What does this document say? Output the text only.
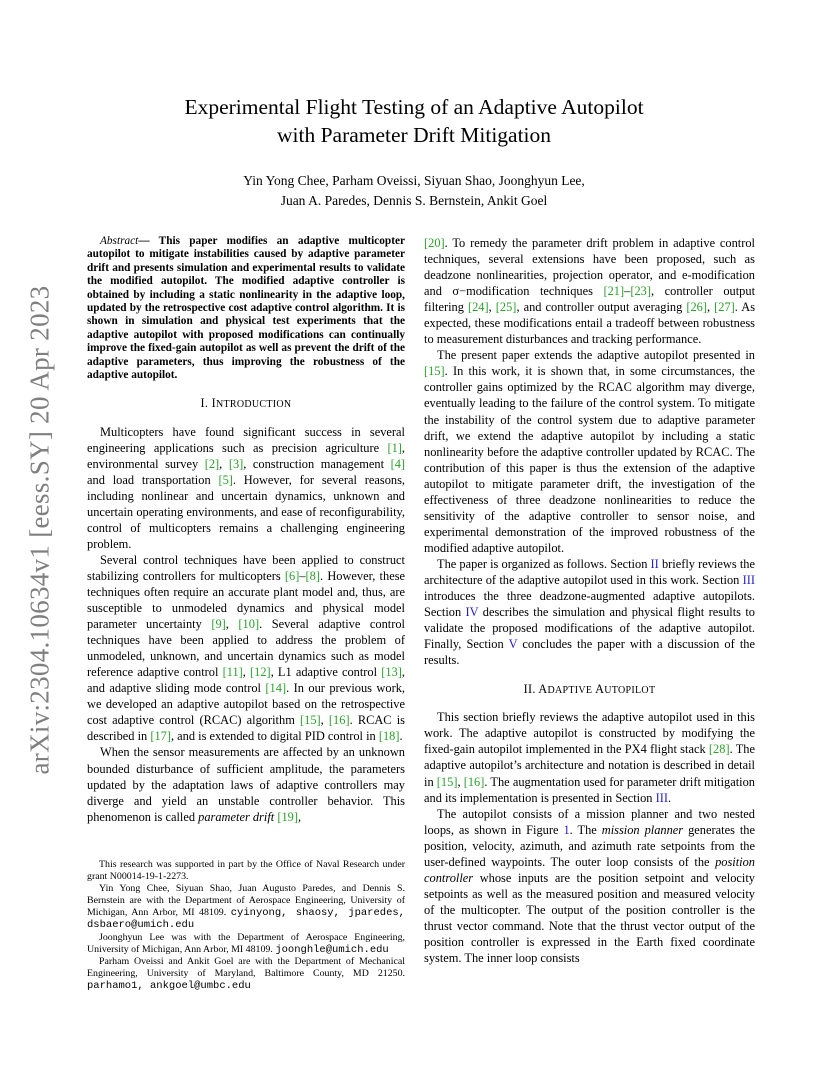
arXiv:2304.10634v1 [eess.SY] 20 Apr 2023
Experimental Flight Testing of an Adaptive Autopilot
with Parameter Drift Mitigation
Yin Yong Chee, Parham Oveissi, Siyuan Shao, Joonghyun Lee,
Juan A. Paredes, Dennis S. Bernstein, Ankit Goel

Abstract— This paper modifies an adaptive multicopter autopilot to mitigate instabilities caused by adaptive parameter drift and presents simulation and experimental results to validate the modified autopilot. The modified adaptive controller is obtained by including a static nonlinearity in the adaptive loop, updated by the retrospective cost adaptive control algorithm. It is shown in simulation and physical test experiments that the adaptive autopilot with proposed modifications can continually improve the fixed-gain autopilot as well as prevent the drift of the adaptive parameters, thus improving the robustness of the adaptive autopilot.

I. INTRODUCTION

Multicopters have found significant success in several engineering applications such as precision agriculture [1], environmental survey [2], [3], construction management [4] and load transportation [5]. However, for several reasons, including nonlinear and uncertain dynamics, unknown and uncertain operating environments, and ease of reconfigurability, control of multicopters remains a challenging engineering problem.

Several control techniques have been applied to construct stabilizing controllers for multicopters [6]–[8]. However, these techniques often require an accurate plant model and, thus, are susceptible to unmodeled dynamics and physical model parameter uncertainty [9], [10]. Several adaptive control techniques have been applied to address the problem of unmodeled, unknown, and uncertain dynamics such as model reference adaptive control [11], [12], L1 adaptive control [13], and adaptive sliding mode control [14]. In our previous work, we developed an adaptive autopilot based on the retrospective cost adaptive control (RCAC) algorithm [15], [16]. RCAC is described in [17], and is extended to digital PID control in [18].

When the sensor measurements are affected by an unknown bounded disturbance of sufficient amplitude, the parameters updated by the adaptation laws of adaptive controllers may diverge and yield an unstable controller behavior. This phenomenon is called parameter drift [19],

This research was supported in part by the Office of Naval Research under grant N00014-19-1-2273.

Yin Yong Chee, Siyuan Shao, Juan Augusto Paredes, and Dennis S. Bernstein are with the Department of Aerospace Engineering, University of Michigan, Ann Arbor, MI 48109. cyinyong, shaosy, jparedes, dsbaero@umich.edu

Joonghyun Lee was with the Department of Aerospace Engineering, University of Michigan, Ann Arbor, MI 48109. joonghle@umich.edu

Parham Oveissi and Ankit Goel are with the Department of Mechanical Engineering, University of Maryland, Baltimore County, MD 21250. parhamo1, ankgoel@umbc.edu

[20]. To remedy the parameter drift problem in adaptive control techniques, several extensions have been proposed, such as deadzone nonlinearities, projection operator, and e-modification and σ−modification techniques [21]–[23], controller output filtering [24], [25], and controller output averaging [26], [27]. As expected, these modifications entail a tradeoff between robustness to measurement disturbances and tracking performance.

The present paper extends the adaptive autopilot presented in [15]. In this work, it is shown that, in some circumstances, the controller gains optimized by the RCAC algorithm may diverge, eventually leading to the failure of the control system. To mitigate the instability of the control system due to adaptive parameter drift, we extend the adaptive autopilot by including a static nonlinearity before the adaptive controller updated by RCAC. The contribution of this paper is thus the extension of the adaptive autopilot to mitigate parameter drift, the investigation of the effectiveness of three deadzone nonlinearities to reduce the sensitivity of the adaptive controller to sensor noise, and experimental demonstration of the improved robustness of the modified adaptive autopilot.

The paper is organized as follows. Section II briefly reviews the architecture of the adaptive autopilot used in this work. Section III introduces the three deadzone-augmented adaptive autopilots. Section IV describes the simulation and physical flight results to validate the proposed modifications of the adaptive autopilot. Finally, Section V concludes the paper with a discussion of the results.

II. ADAPTIVE AUTOPILOT

This section briefly reviews the adaptive autopilot used in this work. The adaptive autopilot is constructed by modifying the fixed-gain autopilot implemented in the PX4 flight stack [28]. The adaptive autopilot’s architecture and notation is described in detail in [15], [16]. The augmentation used for parameter drift mitigation and its implementation is presented in Section III.

The autopilot consists of a mission planner and two nested loops, as shown in Figure 1. The mission planner generates the position, velocity, azimuth, and azimuth rate setpoints from the user-defined waypoints. The outer loop consists of the position controller whose inputs are the position setpoint and velocity setpoints as well as the measured position and measured velocity of the multicopter. The output of the position controller is the thrust vector command. Note that the thrust vector output of the position controller is expressed in the Earth fixed coordinate system. The inner loop consists
